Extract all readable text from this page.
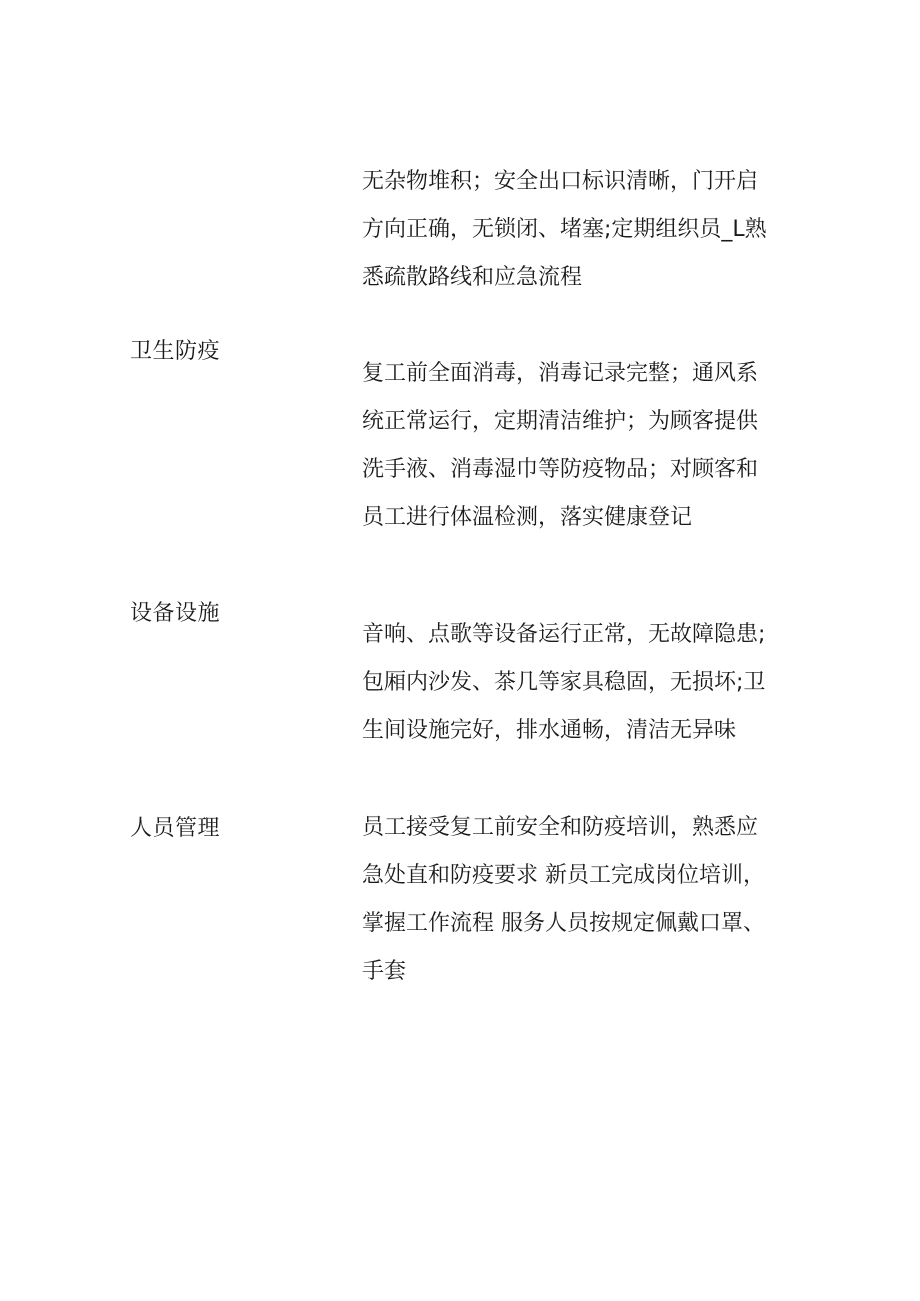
无杂物堆积；安全出口标识清晰，门开启
方向正确，无锁闭、堵塞;定期组织员_L熟
悉疏散路线和应急流程
卫生防疫
复工前全面消毒，消毒记录完整；通风系
统正常运行，定期清洁维护；为顾客提供
洗手液、消毒湿巾等防疫物品；对顾客和
员工进行体温检测，落实健康登记
设备设施
音响、点歌等设备运行正常，无故障隐患;
包厢内沙发、茶几等家具稳固，无损坏;卫
生间设施完好，排水通畅，清洁无异味
人员管理	员工接受复工前安全和防疫培训，熟悉应
急处直和防疫要求 新员工完成岗位培训，
掌握工作流程 服务人员按规定佩戴口罩、
手套
